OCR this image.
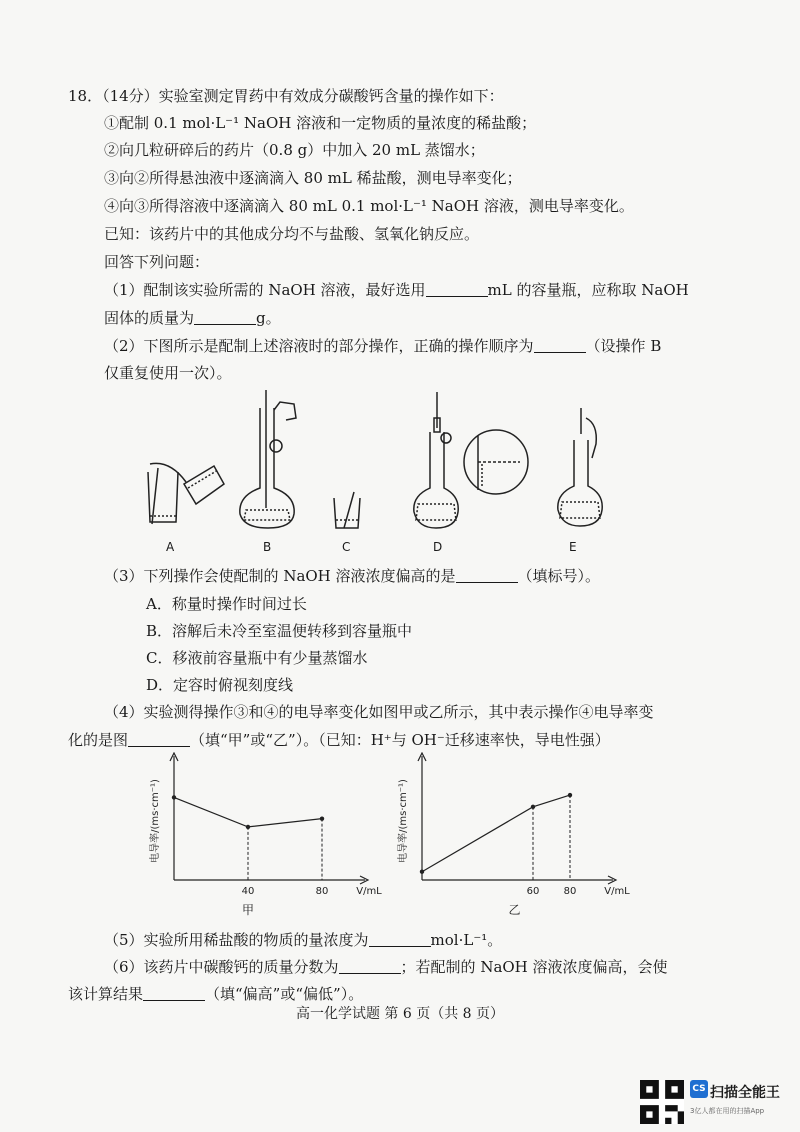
18．（14分）实验室测定胃药中有效成分碳酸钙含量的操作如下：
①配制 0.1 mol·L⁻¹ NaOH 溶液和一定物质的量浓度的稀盐酸；
②向几粒研碎后的药片（0.8 g）中加入 20 mL 蒸馏水；
③向②所得悬浊液中逐滴滴入 80 mL 稀盐酸，测电导率变化；
④向③所得溶液中逐滴滴入 80 mL 0.1 mol·L⁻¹ NaOH 溶液，测电导率变化。
已知：该药片中的其他成分均不与盐酸、氢氧化钠反应。
回答下列问题：
（1）配制该实验所需的 NaOH 溶液，最好选用	mL 的容量瓶，应称取 NaOH
固体的质量为	g。
（2）下图所示是配制上述溶液时的部分操作，正确的操作顺序为	（设操作 B
仅重复使用一次）。
A	B	C	D	E
（3）下列操作会使配制的 NaOH 溶液浓度偏高的是	（填标号）。
A．称量时操作时间过长
B．溶解后未冷至室温便转移到容量瓶中
C．移液前容量瓶中有少量蒸馏水
D．定容时俯视刻度线
（4）实验测得操作③和④的电导率变化如图甲或乙所示，其中表示操作④电导率变
化的是图	（填“甲”或“乙”）。（已知：H⁺与 OH⁻迁移速率快，导电性强）
40	80	V/mL
电导率/(ms·cm⁻¹)
甲
60 80	V/mL
电导率/(ms·cm⁻¹)
乙
（5）实验所用稀盐酸的物质的量浓度为	mol·L⁻¹。
（6）该药片中碳酸钙的质量分数为	；若配制的 NaOH 溶液浓度偏高，会使
该计算结果	（填“偏高”或“偏低”）。
高一化学试题 第 6 页（共 8 页）
CS 扫描全能王
3亿人都在用的扫描App
